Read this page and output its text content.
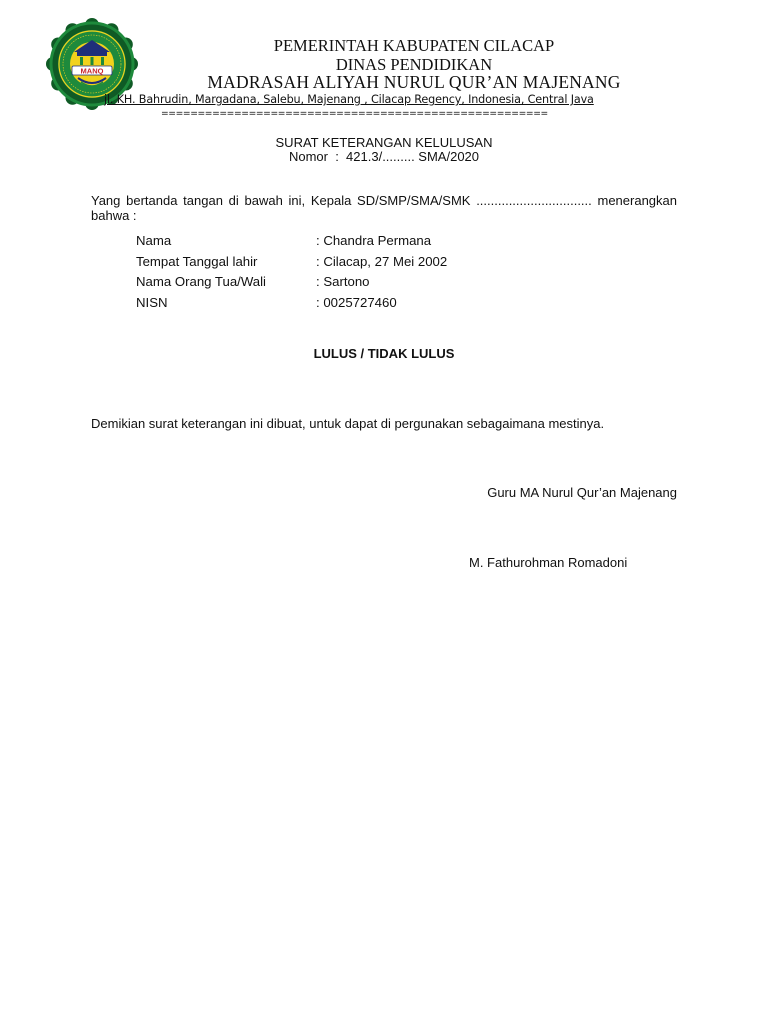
MANQ
PEMERINTAH KABUPATEN CILACAP
DINAS PENDIDIKAN
MADRASAH ALIYAH NURUL QUR’AN MAJENANG
jl. KH. Bahrudin, Margadana, Salebu, Majenang , Cilacap Regency, Indonesia, Central Java
=====================================================
SURAT KETERANGAN KELULUSAN
Nomor  :  421.3/......... SMA/2020
Yang bertanda tangan di bawah ini, Kepala SD/SMP/SMA/SMK ................................ menerangkan bahwa :
Nama	: Chandra Permana
Tempat Tanggal lahir	: Cilacap, 27 Mei 2002
Nama Orang Tua/Wali	: Sartono
NISN	: 0025727460
LULUS / TIDAK LULUS
Demikian surat keterangan ini dibuat, untuk dapat di pergunakan sebagaimana mestinya.
Guru MA Nurul Qur’an Majenang
M. Fathurohman Romadoni
